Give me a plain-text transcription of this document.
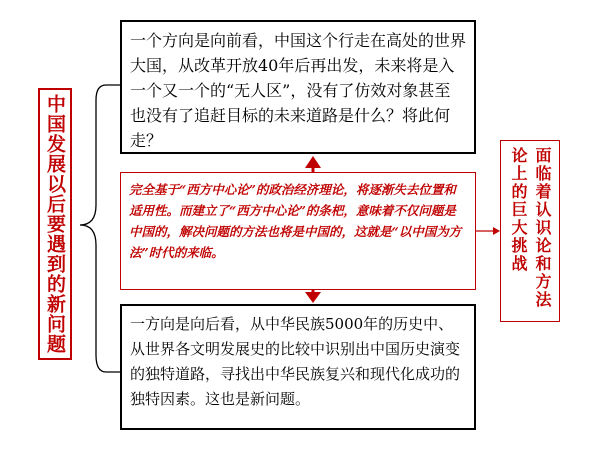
中国发展以后要遇到的新问题
一个方向是向前看，中国这个行走在高处的世界大国，从改革开放40年后再出发，未来将是入一个又一个的“无人区”，没有了仿效对象甚至也没有了追赶目标的未来道路是什么？将此何走？
完全基于“西方中心论”的政治经济理论，将逐渐失去位置和适用性。而建立了“西方中心论”的条杷，意味着不仅问题是中国的，解决问题的方法也将是中国的，这就是“以中国为方法”时代的来临。
一方向是向后看，从中华民族5000年的历史中、从世界各文明发展史的比较中识别出中国历史演变的独特道路，寻找出中华民族复兴和现代化成功的独特因素。这也是新问题。
面临着认识论和方法论上的巨大挑战
